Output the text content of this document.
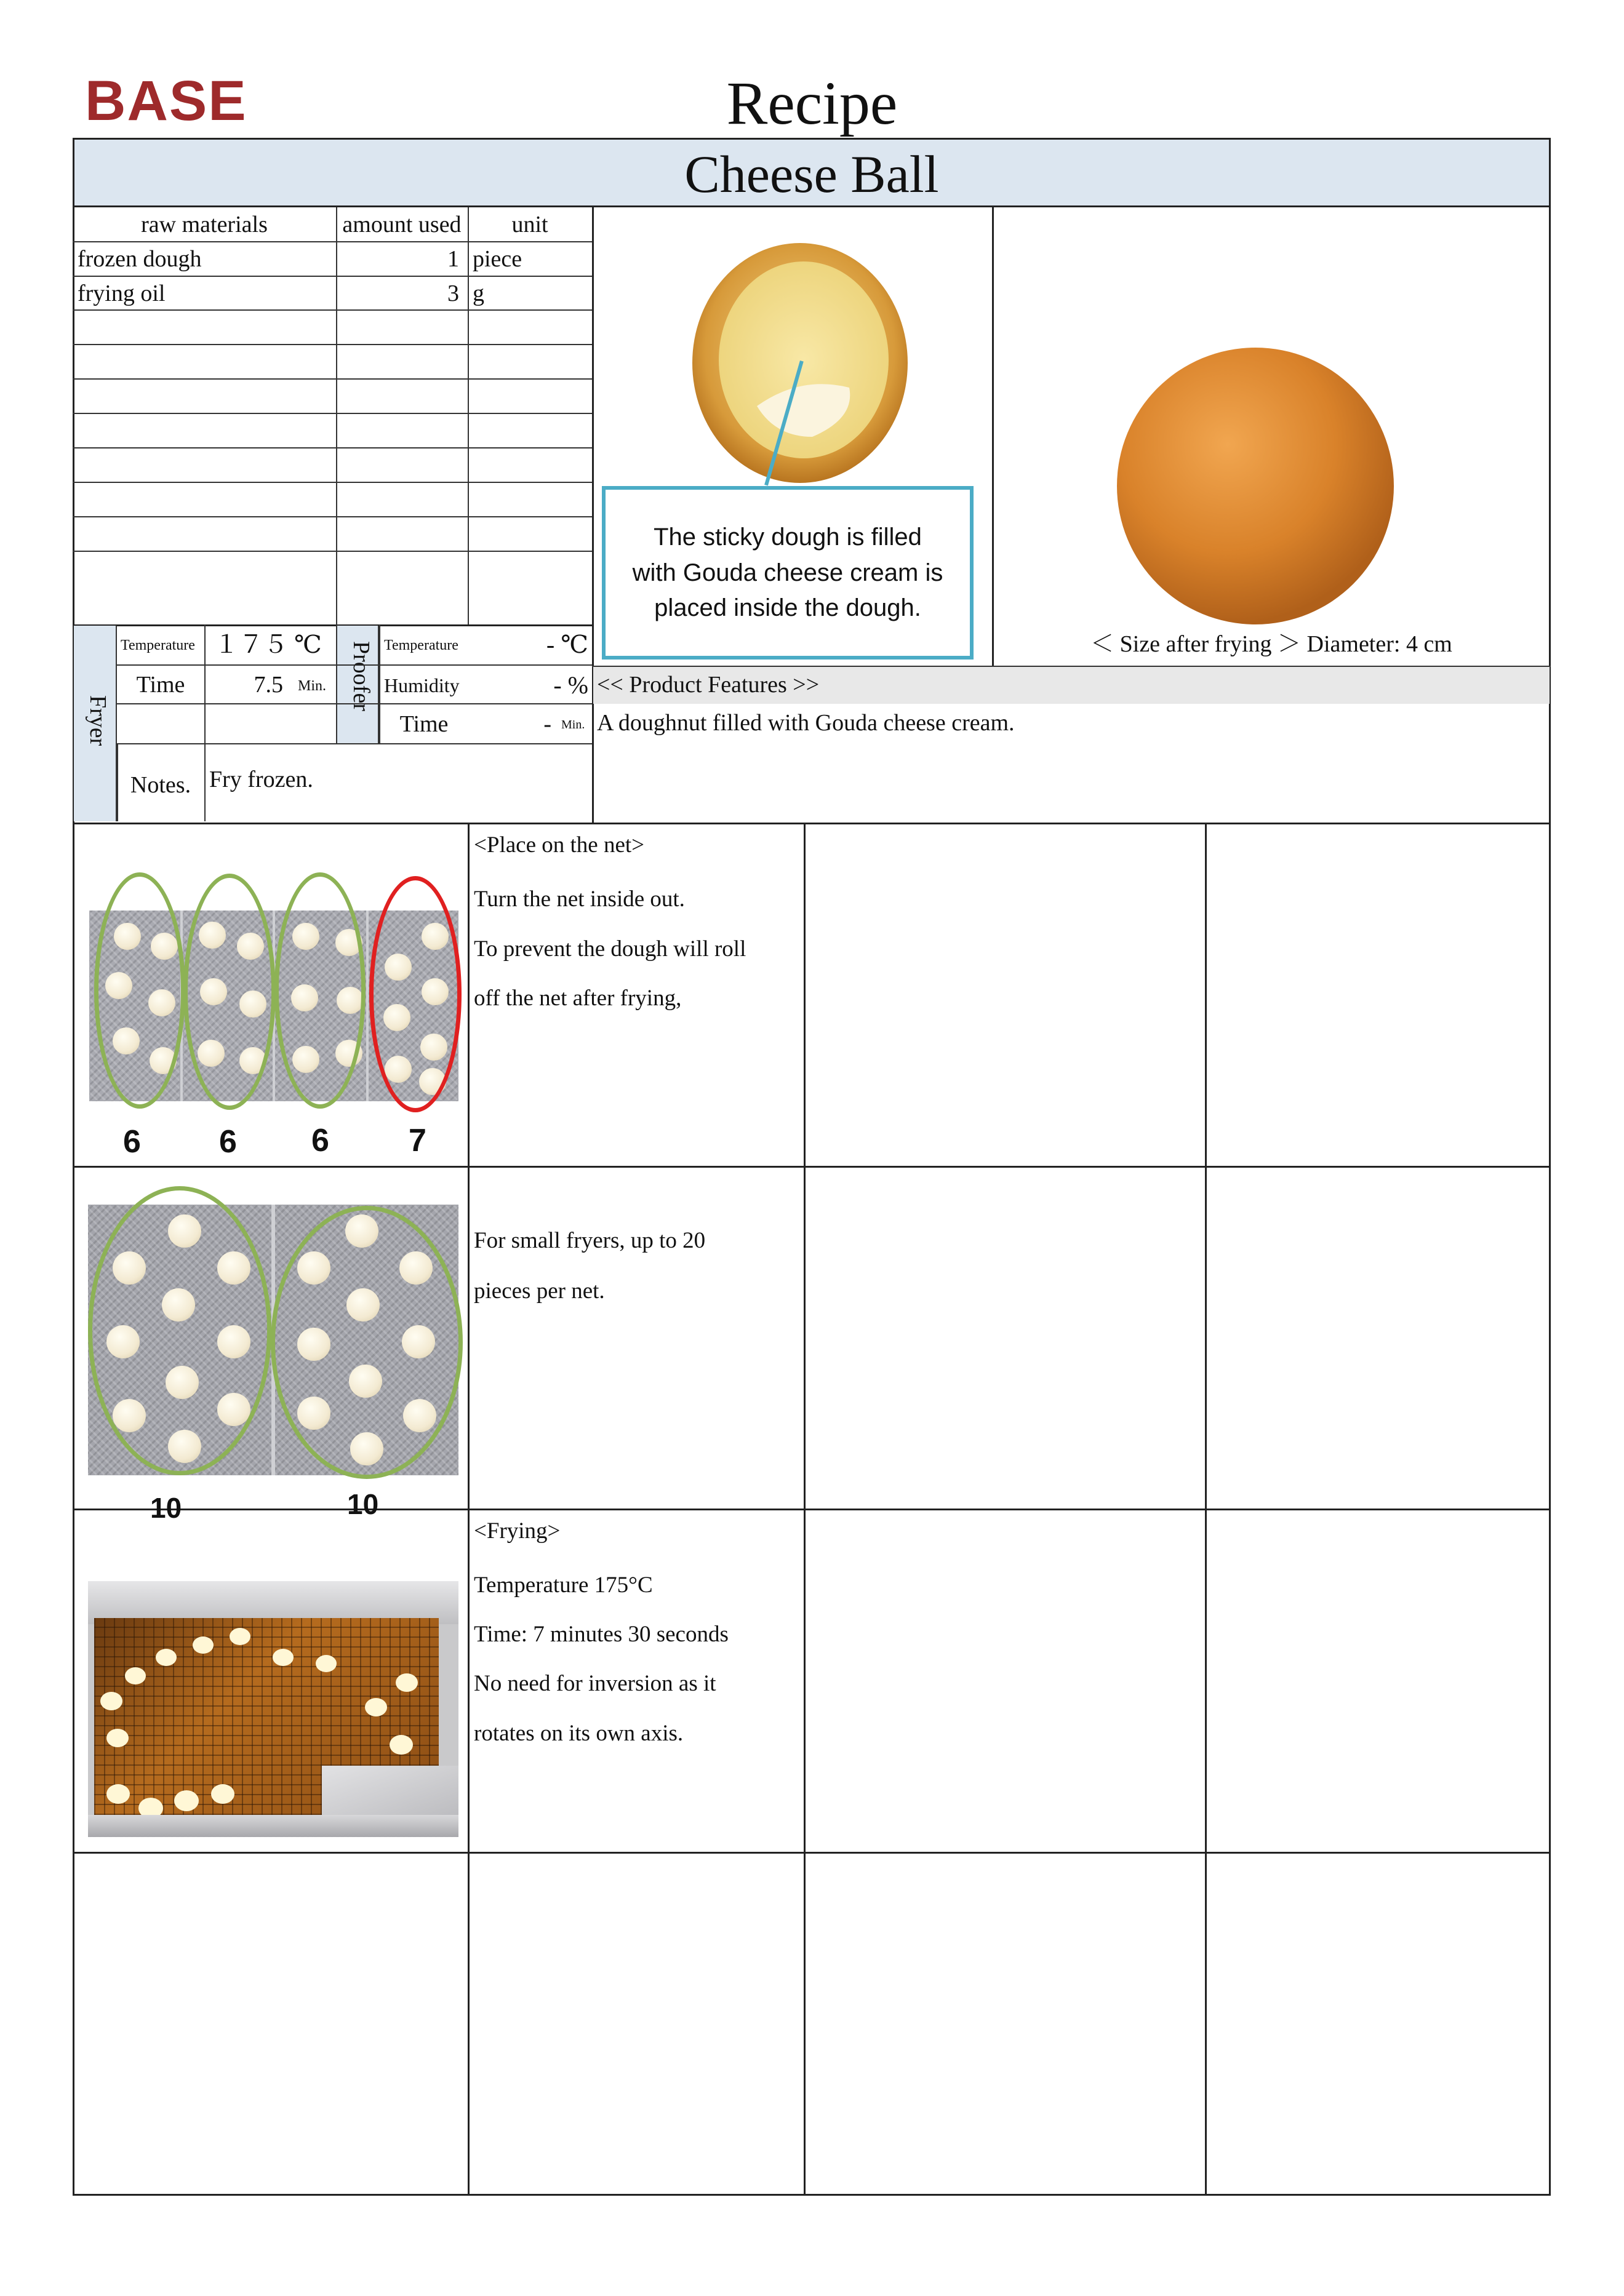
BASE	Recipe
Cheese Ball
raw materials	amount used	unit
frozen dough	1 piece
frying oil	3 g
Fryer
Proofer
Temperature １７５ ℃
Time	7.5 Min.
Notes. Fry frozen.
Temperature	- ℃
Humidity	- %
Time	- Min.
The sticky dough is filled
with Gouda cheese cream is
placed inside the dough.
＜ Size after frying ＞ Diameter: 4 cm
<< Product Features >>
A doughnut filled with Gouda cheese cream.
6 6 6 7
<Place on the net>
Turn the net inside out.
To prevent the dough will roll
off the net after frying,
10	10
For small fryers, up to 20
pieces per net.
<Frying>
Temperature 175°C
Time: 7 minutes 30 seconds
No need for inversion as it
rotates on its own axis.
